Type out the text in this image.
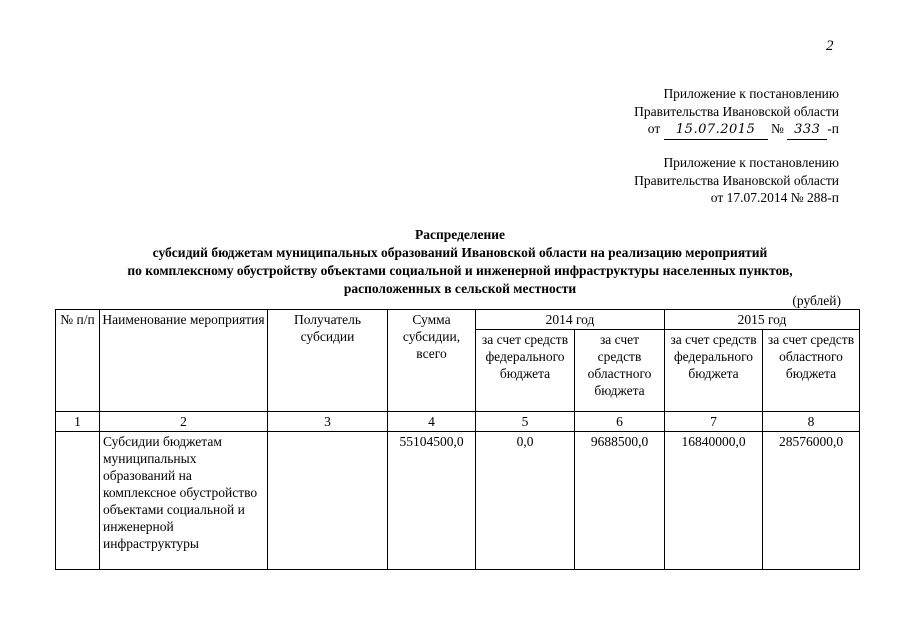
2
Приложение к постановлению
Правительства Ивановской области
от 15.07.2015 № 333 -п
Приложение к постановлению
Правительства Ивановской области
от 17.07.2014 № 288-п
Распределение
субсидий бюджетам муниципальных образований Ивановской области на реализацию мероприятий
по комплексному обустройству объектами социальной и инженерной инфраструктуры населенных пунктов,
расположенных в сельской местности
(рублей)
№ п/п	Наименование мероприятия	Получатель субсидии	Сумма субсидии, всего	2014 год		2015 год	
				за счет средств федерального бюджета	за счет средств областного бюджета	за счет средств федерального бюджета	за счет средств областного бюджета
1	2	3	4	5	6	7	8
	Субсидии бюджетам муниципальных образований на комплексное обустройство объектами социальной и инженерной инфраструктуры		55104500,0	0,0	9688500,0	16840000,0	28576000,0
